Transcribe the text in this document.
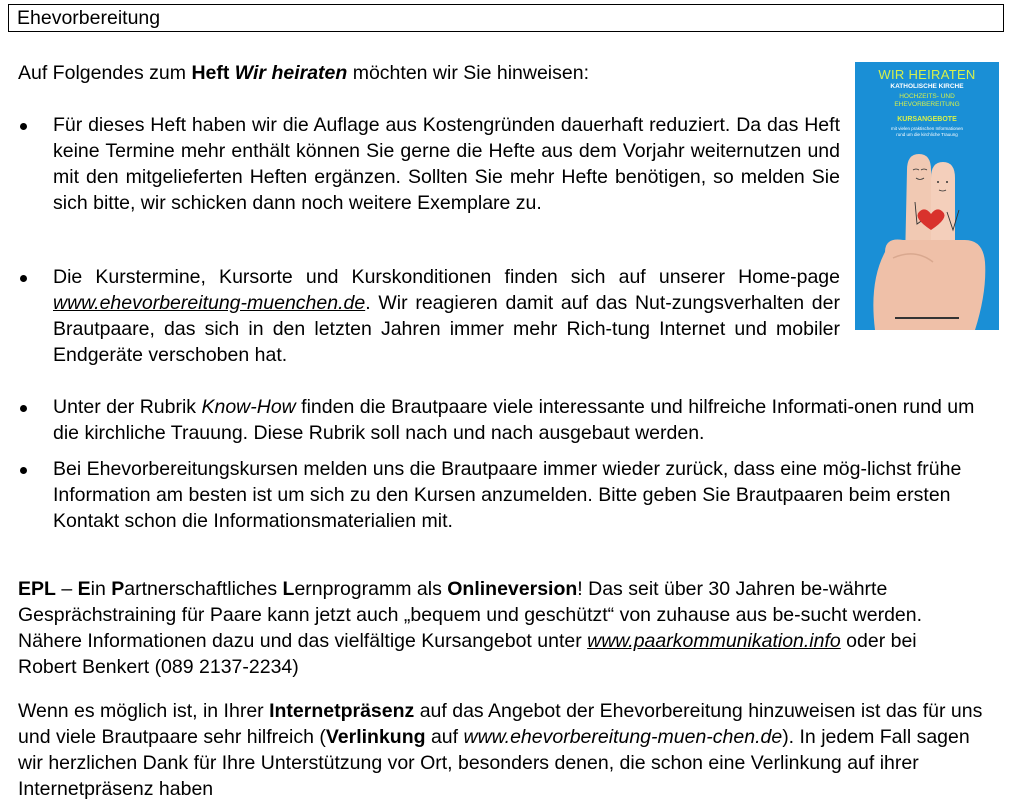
Ehevorbereitung
Auf Folgendes zum Heft Wir heiraten möchten wir Sie hinweisen:	WIR HEIRATEN
KATHOLISCHE KIRCHE
HOCHZEITS- UND
EHEVORBEREITUNG
KURSANGEBOTE
mit vielen praktischen Informationen
rund um die kirchliche Trauung
Für dieses Heft haben wir die Auflage aus Kostengründen dauerhaft reduziert. Da das Heft keine Termine mehr enthält können Sie gerne die Hefte aus dem Vorjahr weiternutzen und mit den mitgelieferten Heften ergänzen. Sollten Sie mehr Hefte benötigen, so melden Sie sich bitte, wir schicken dann noch weitere Exemplare zu.
Die Kurstermine, Kursorte und Kurskonditionen finden sich auf unserer Home-page www.ehevorbereitung-muenchen.de. Wir reagieren damit auf das Nut-zungsverhalten der Brautpaare, das sich in den letzten Jahren immer mehr Rich-tung Internet und mobiler Endgeräte verschoben hat.
Unter der Rubrik Know-How finden die Brautpaare viele interessante und hilfreiche Informati-onen rund um die kirchliche Trauung. Diese Rubrik soll nach und nach ausgebaut werden.
Bei Ehevorbereitungskursen melden uns die Brautpaare immer wieder zurück, dass eine mög-lichst frühe Information am besten ist um sich zu den Kursen anzumelden. Bitte geben Sie Brautpaaren beim ersten Kontakt schon die Informationsmaterialien mit.
EPL – Ein Partnerschaftliches Lernprogramm als Onlineversion! Das seit über 30 Jahren be-währte Gesprächstraining für Paare kann jetzt auch „bequem und geschützt“ von zuhause aus be-sucht werden. Nähere Informationen dazu und das vielfältige Kursangebot unter www.paarkommunikation.info oder bei Robert Benkert (089 2137-2234)
Wenn es möglich ist, in Ihrer Internetpräsenz auf das Angebot der Ehevorbereitung hinzuweisen ist das für uns und viele Brautpaare sehr hilfreich (Verlinkung auf www.ehevorbereitung-muen-chen.de). In jedem Fall sagen wir herzlichen Dank für Ihre Unterstützung vor Ort, besonders denen, die schon eine Verlinkung auf ihrer Internetpräsenz haben
